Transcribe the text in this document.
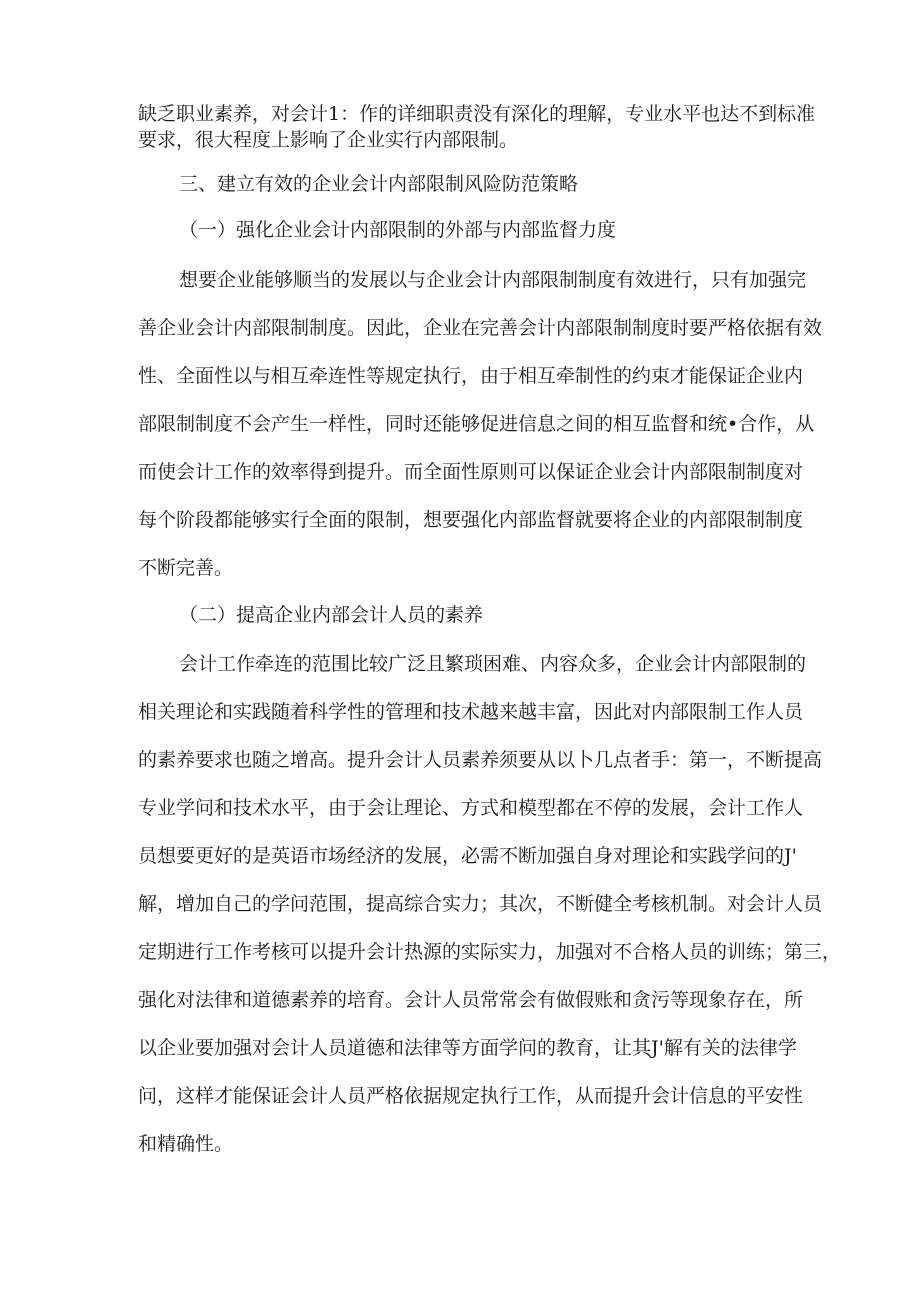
缺乏职业素养，对会计1：作的详细职责没有深化的理解，专业水平也达不到标准
要求，很大程度上影响了企业实行内部限制。
三、建立有效的企业会计内部限制风险防范策略
（一）强化企业会计内部限制的外部与内部监督力度
想要企业能够顺当的发展以与企业会计内部限制制度有效进行，只有加强完
善企业会计内部限制制度。因此，企业在完善会计内部限制制度时要严格依据有效
性、全面性以与相互牵连性等规定执行，由于相互牵制性的约束才能保证企业内
部限制制度不会产生一样性，同时还能够促进信息之间的相互监督和统•合作，从
而使会计工作的效率得到提升。而全面性原则可以保证企业会计内部限制制度对
每个阶段都能够实行全面的限制，想要强化内部监督就要将企业的内部限制制度
不断完善。
（二）提高企业内部会计人员的素养
会计工作牵连的范围比较广泛且繁琐困难、内容众多，企业会计内部限制的
相关理论和实践随着科学性的管理和技术越来越丰富，因此对内部限制工作人员
的素养要求也随之增高。提升会计人员素养须要从以卜几点者手：第一，不断提高
专业学问和技术水平，由于会让理论、方式和模型都在不停的发展，会计工作人
员想要更好的是英语市场经济的发展，必需不断加强自身对理论和实践学问的J'
解，增加自己的学问范围，提高综合实力；其次，不断健全考核机制。对会计人员
定期进行工作考核可以提升会计热源的实际实力，加强对不合格人员的训练；第三，
强化对法律和道德素养的培育。会计人员常常会有做假账和贪污等现象存在，所
以企业要加强对会计人员道德和法律等方面学问的教育，让其J'解有关的法律学
问，这样才能保证会计人员严格依据规定执行工作，从而提升会计信息的平安性
和精确性。
